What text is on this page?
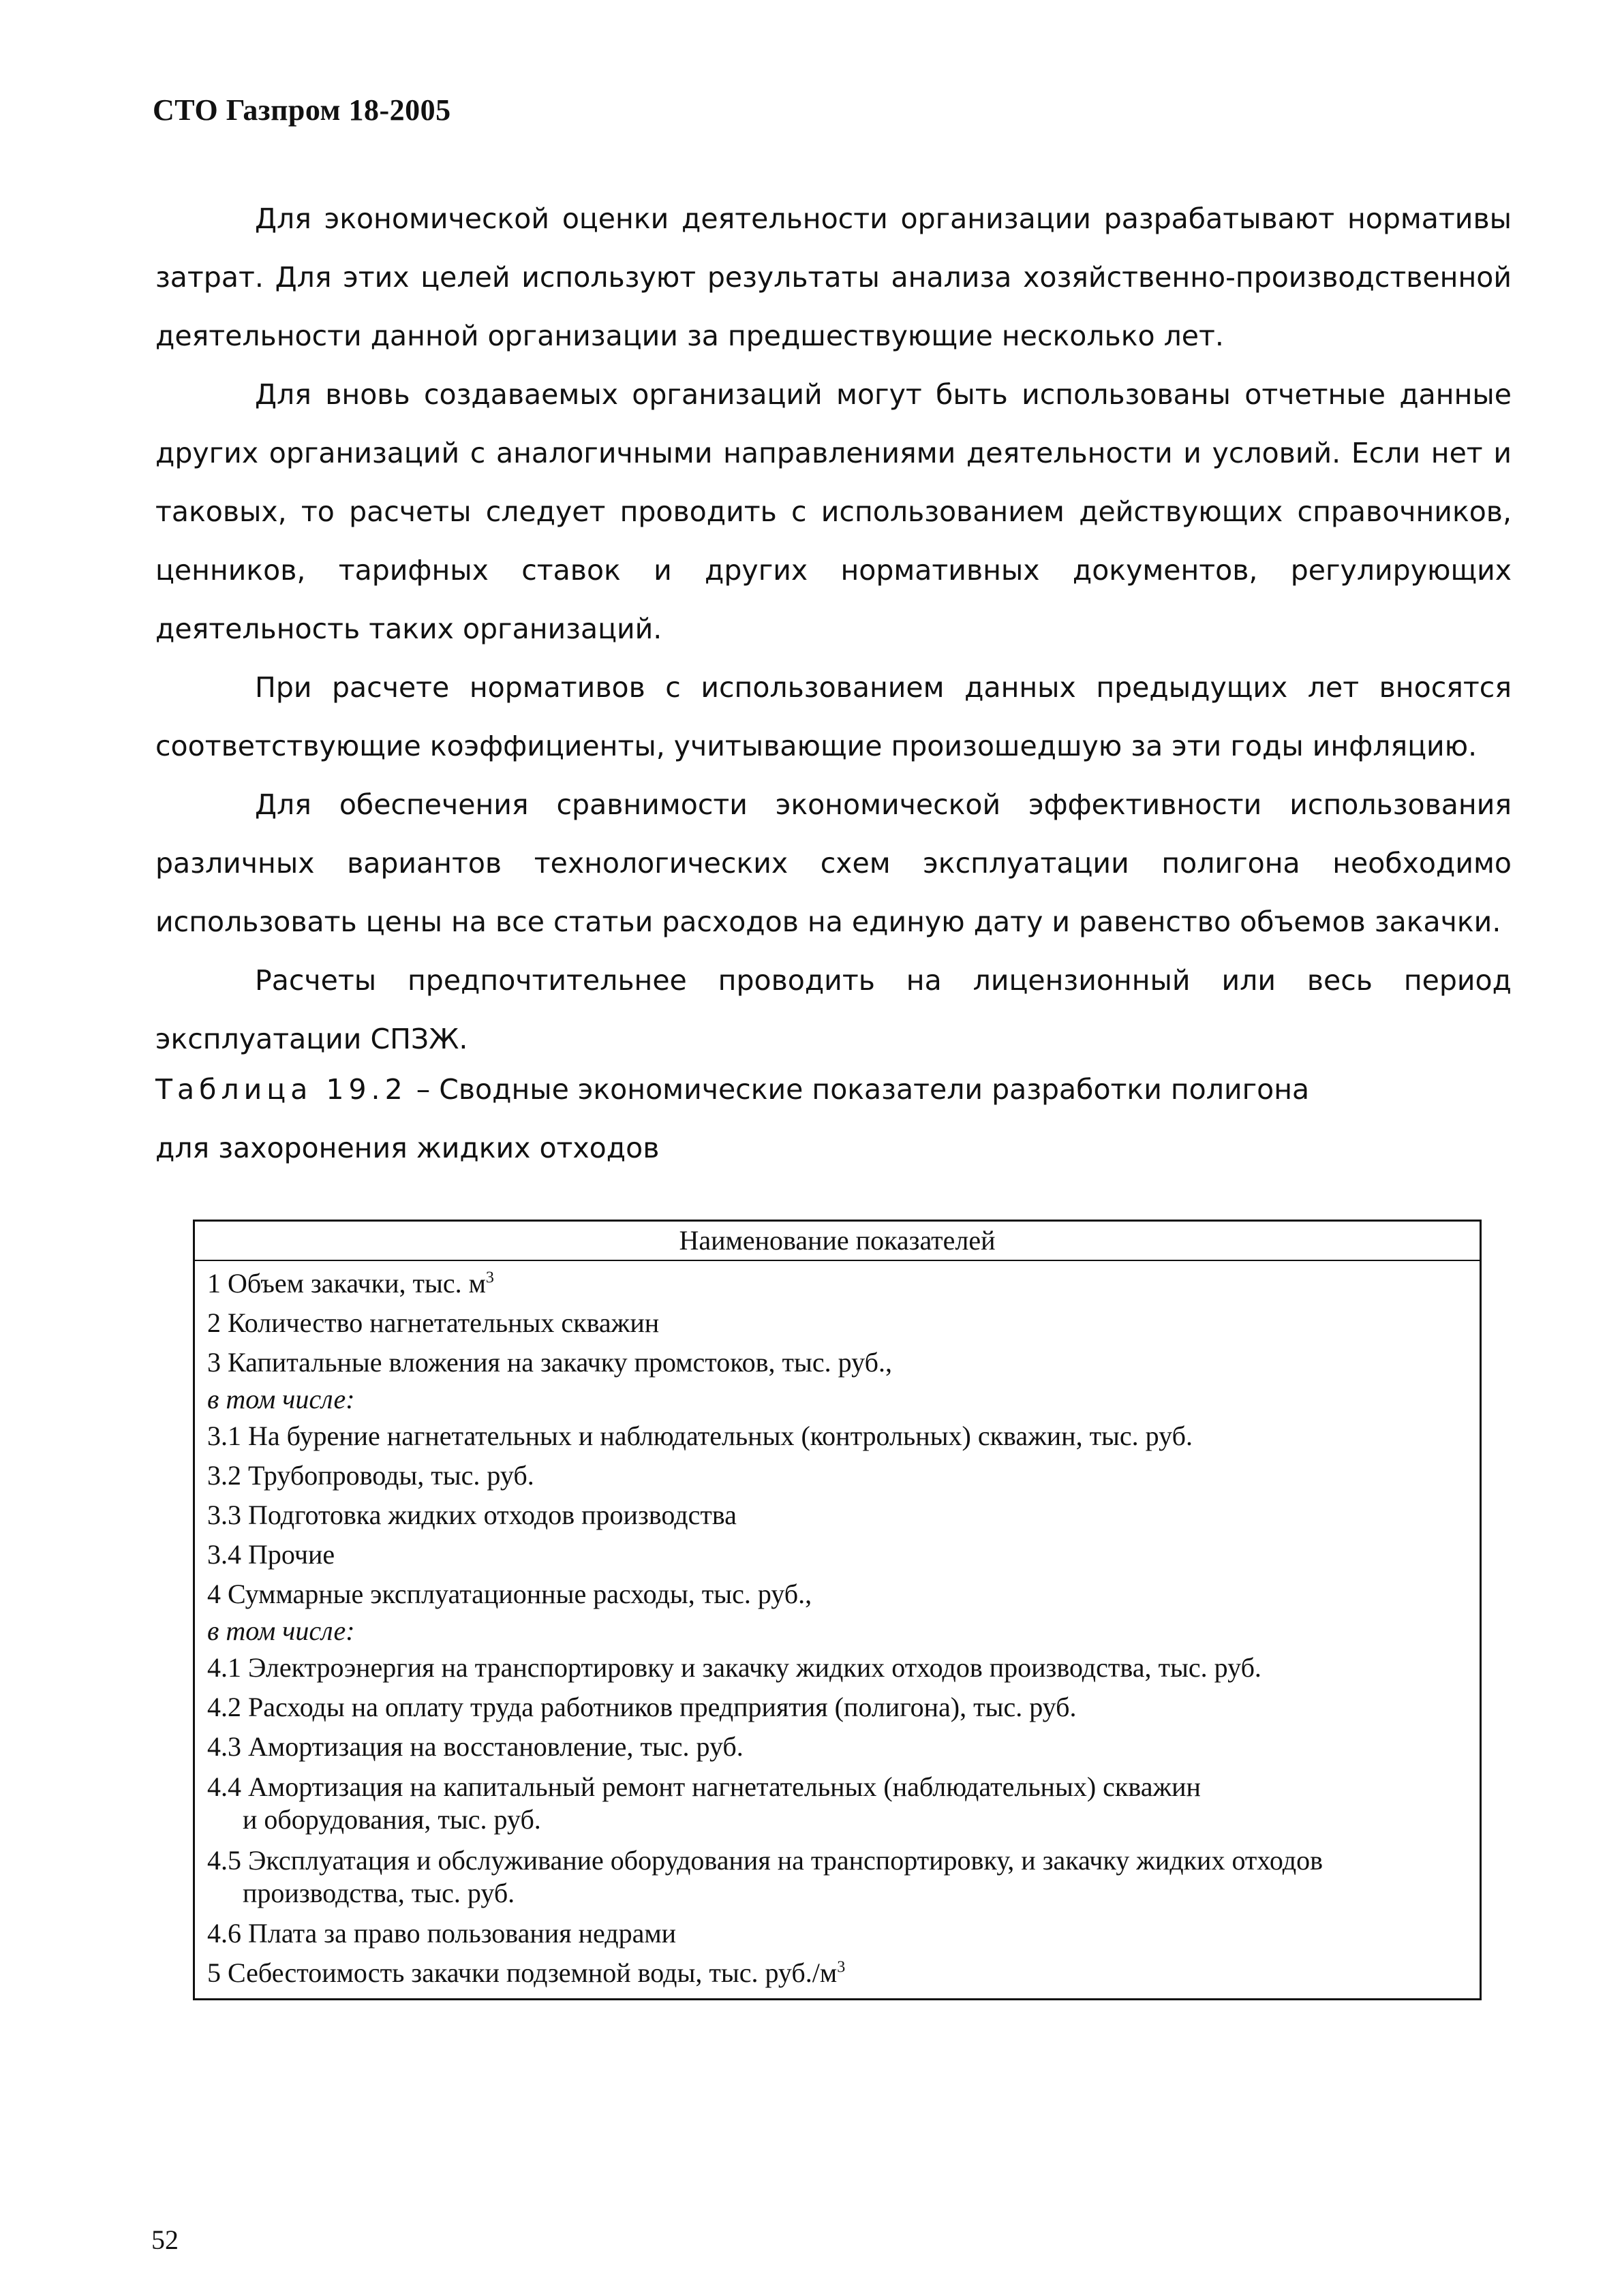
СТО Газпром 18-2005

Для экономической оценки деятельности организации разрабатывают нормативы затрат. Для этих целей используют результаты анализа хозяйственно-производственной деятельности данной организации за предшествующие несколько лет.

Для вновь создаваемых организаций могут быть использованы отчетные данные других организаций с аналогичными направлениями деятельности и условий. Если нет и таковых, то расчеты следует проводить с использованием действующих справочников, ценников, тарифных ставок и других нормативных документов, регулирующих деятельность таких организаций.

При расчете нормативов с использованием данных предыдущих лет вносятся соответствующие коэффициенты, учитывающие произошедшую за эти годы инфляцию.

Для обеспечения сравнимости экономической эффективности использования различных вариантов технологических схем эксплуатации полигона необходимо использовать цены на все статьи расходов на единую дату и равенство объемов закачки.

Расчеты предпочтительнее проводить на лицензионный или весь период эксплуатации СПЗЖ.

Таблица 19.2 – Сводные экономические показатели разработки полигона
для захоронения жидких отходов
Наименование показателей
1 Объем закачки, тыс. $м^3$
2 Количество нагнетательных скважин
3 Капитальные вложения на закачку промстоков, тыс. руб.,
в том числе:
3.1 На бурение нагнетательных и наблюдательных (контрольных) скважин, тыс. руб.
3.2 Трубопроводы, тыс. руб.
3.3 Подготовка жидких отходов производства
3.4 Прочие
4 Суммарные эксплуатационные расходы, тыс. руб.,
в том числе:
4.1 Электроэнергия на транспортировку и закачку жидких отходов производства, тыс. руб.
4.2 Расходы на оплату труда работников предприятия (полигона), тыс. руб.
4.3 Амортизация на восстановление, тыс. руб.
4.4 Амортизация на капитальный ремонт нагнетательных (наблюдательных) скважин
и оборудования, тыс. руб.
4.5 Эксплуатация и обслуживание оборудования на транспортировку, и закачку жидких отходов
производства, тыс. руб.
4.6 Плата за право пользования недрами
5 Себестоимость закачки подземной воды, тыс. $руб./м^3$
52
